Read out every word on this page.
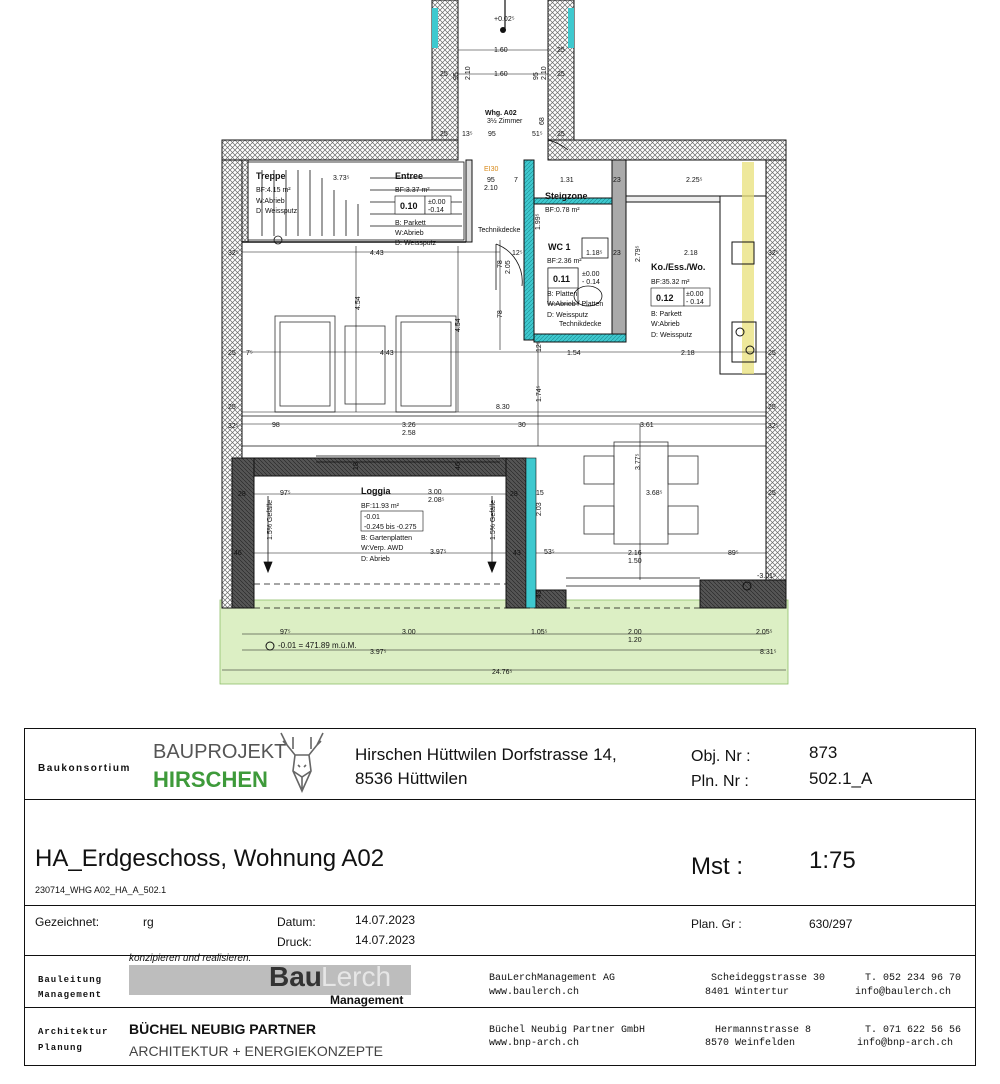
Treppe
BF:4.15 m²
W:Abrieb
D: Weissputz
Entree
BF:3.37 m²
0.10 ±0.00
-0.14
B: Parkett
W:Abrieb
D: Weissputz
Technikdecke
EI30
Steigzone
BF:0.78 m²
WC 1
BF:2.36 m²
0.11 ±0.00
- 0.14
B: Platten
W:Abrieb / Platten
D: Weissputz
Technikdecke
Ko./Ess./Wo.
BF:35.32 m²
0.12 ±0.00
- 0.14
B: Parkett
W:Abrieb
D: Weissputz
Loggia
BF:11.93 m²
-0.01
-0.245 bis -0.275
B: Gartenplatten
W:Verp. AWD
D: Abrieb
Whg. A02
3½ Zimmer
+0.02⁵
-3.01⁵
-0.01 = 471.89 m.ü.M.
1.5% Gefälle	1.5% Gefälle
1.60
1.60
25
25
25 2.10	2.10
95	95
68
25 13⁵ 95	51⁵ 25
3.73⁵	95
2.10
7	1.31	23	2.25⁵
1.99⁵
4.43	12⁵	1.18⁵ 23	2.18
2.79⁵
32⁵	32⁵
2.05
78
78
4.54
4.54
25 7⁵	4.43
12⁵
1.54	2.18	25
1.74⁵
25	8.30	25
32⁵	98	3.26
2.58
30	3.61	32⁵
18	46	3.77⁵
28	97⁵	3.00
2.08⁵
28	15	3.68⁵	25
2.03
46	3.97⁵	43	53⁵	2.16
1.50
89⁵
43
97⁵	3.00	1.05⁵	2.00
1.20
2.05⁵
3.97⁵	8.31⁵
24.76⁵
Baukonsortium
BAUPROJEKT
HIRSCHEN
Hirschen Hüttwilen Dorfstrasse 14,
8536 Hüttwilen
Obj. Nr :	873
Pln. Nr :	502.1_A
HA_Erdgeschoss, Wohnung A02
230714_WHG A02_HA_A_502.1
Mst :	1:75
Gezeichnet:	rg	Datum:	14.07.2023
Druck:	14.07.2023
Plan. Gr :	630/297
Bauleitung
Management
konzipieren und realisieren.
Bau Lerch
Management
BauLerchManagement AG
www.baulerch.ch
Scheideggstrasse 30
8401 Wintertur
T. 052 234 96 70
info@baulerch.ch
Architektur
Planung
BÜCHEL NEUBIG PARTNER
ARCHITEKTUR + ENERGIEKONZEPTE
Büchel Neubig Partner GmbH
www.bnp-arch.ch
Hermannstrasse 8
8570 Weinfelden
T. 071 622 56 56
info@bnp-arch.ch
